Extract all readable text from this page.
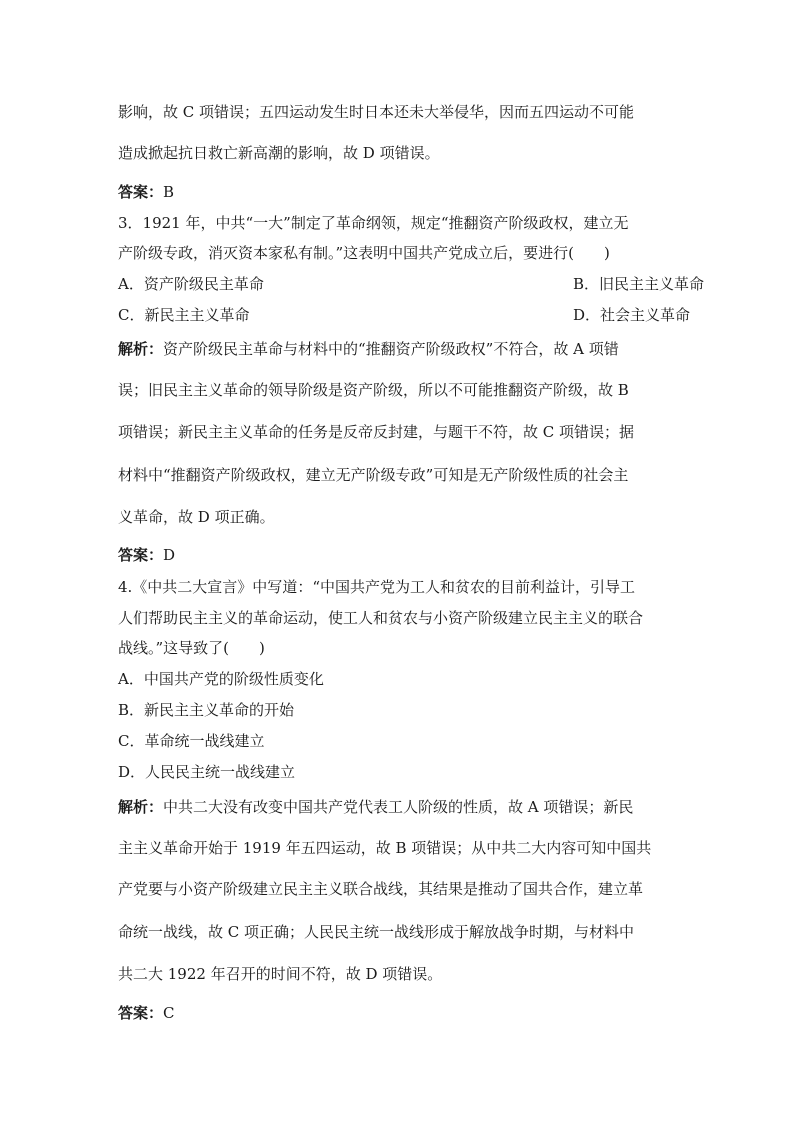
影响，故 C 项错误；五四运动发生时日本还未大举侵华，因而五四运动不可能
造成掀起抗日救亡新高潮的影响，故 D 项错误。
答案：B
3．1921 年，中共“一大”制定了革命纲领，规定“推翻资产阶级政权，建立无
产阶级专政，消灭资本家私有制。”这表明中国共产党成立后，要进行(　　)
A．资产阶级民主革命	B．旧民主主义革命
C．新民主主义革命	D．社会主义革命
解析：资产阶级民主革命与材料中的“推翻资产阶级政权”不符合，故 A 项错
误；旧民主主义革命的领导阶级是资产阶级，所以不可能推翻资产阶级，故 B
项错误；新民主主义革命的任务是反帝反封建，与题干不符，故 C 项错误；据
材料中“推翻资产阶级政权，建立无产阶级专政”可知是无产阶级性质的社会主
义革命，故 D 项正确。
答案：D
4.《中共二大宣言》中写道：“中国共产党为工人和贫农的目前利益计，引导工
人们帮助民主主义的革命运动，使工人和贫农与小资产阶级建立民主主义的联合
战线。”这导致了(　　)
A．中国共产党的阶级性质变化
B．新民主主义革命的开始
C．革命统一战线建立
D．人民民主统一战线建立
解析：中共二大没有改变中国共产党代表工人阶级的性质，故 A 项错误；新民
主主义革命开始于 1919 年五四运动，故 B 项错误；从中共二大内容可知中国共
产党要与小资产阶级建立民主主义联合战线，其结果是推动了国共合作，建立革
命统一战线，故 C 项正确；人民民主统一战线形成于解放战争时期，与材料中
共二大 1922 年召开的时间不符，故 D 项错误。
答案：C
